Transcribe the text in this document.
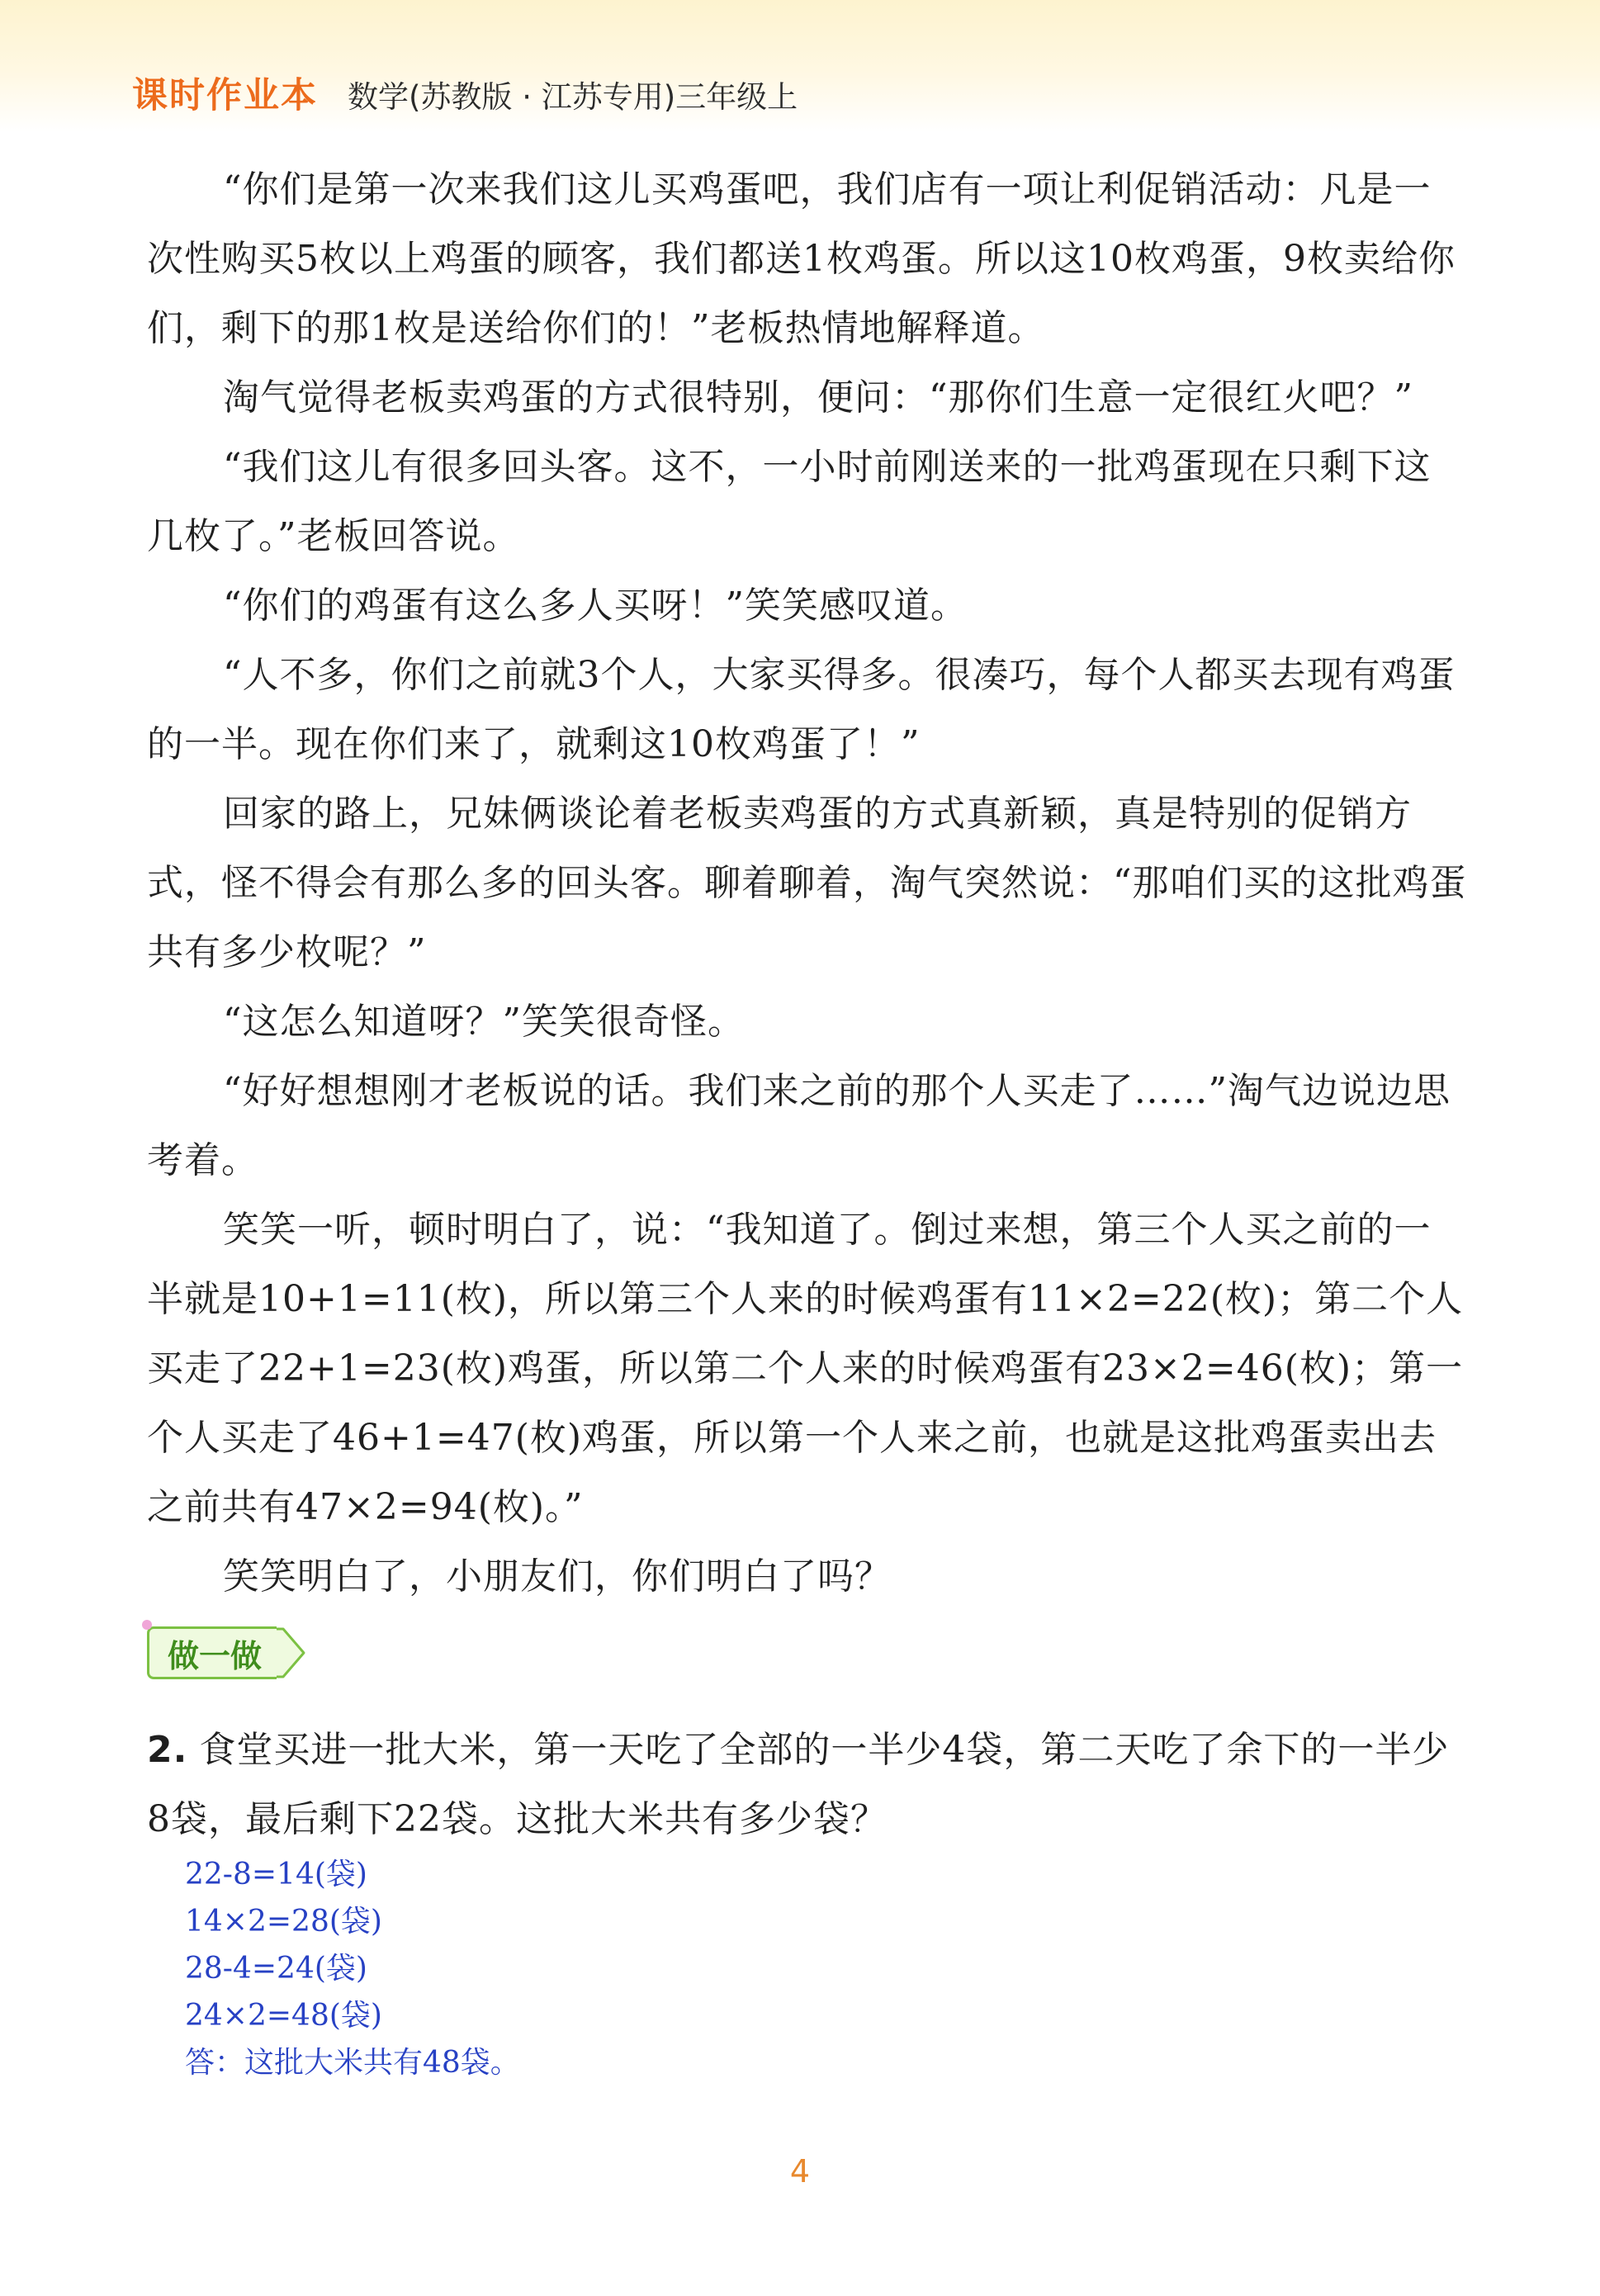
课时作业本 数学(苏教版 · 江苏专用)三年级上

“你们是第一次来我们这儿买鸡蛋吧，我们店有一项让利促销活动：凡是一次性购买5枚以上鸡蛋的顾客，我们都送1枚鸡蛋。所以这10枚鸡蛋，9枚卖给你们，剩下的那1枚是送给你们的！”老板热情地解释道。

淘气觉得老板卖鸡蛋的方式很特别，便问：“那你们生意一定很红火吧？”

“我们这儿有很多回头客。这不，一小时前刚送来的一批鸡蛋现在只剩下这几枚了。”老板回答说。

“你们的鸡蛋有这么多人买呀！”笑笑感叹道。

“人不多，你们之前就3个人，大家买得多。很凑巧，每个人都买去现有鸡蛋的一半。现在你们来了，就剩这10枚鸡蛋了！”

回家的路上，兄妹俩谈论着老板卖鸡蛋的方式真新颖，真是特别的促销方式，怪不得会有那么多的回头客。聊着聊着，淘气突然说：“那咱们买的这批鸡蛋共有多少枚呢？”

“这怎么知道呀？”笑笑很奇怪。

“好好想想刚才老板说的话。我们来之前的那个人买走了……”淘气边说边思考着。

笑笑一听，顿时明白了，说：“我知道了。倒过来想，第三个人买之前的一半就是10+1=11(枚)，所以第三个人来的时候鸡蛋有11×2=22(枚)；第二个人买走了22+1=23(枚)鸡蛋，所以第二个人来的时候鸡蛋有23×2=46(枚)；第一个人买走了46+1=47(枚)鸡蛋，所以第一个人来之前，也就是这批鸡蛋卖出去之前共有47×2=94(枚)。”

笑笑明白了，小朋友们，你们明白了吗？

做一做
2. 食堂买进一批大米，第一天吃了全部的一半少4袋，第二天吃了余下的一半少8袋，最后剩下22袋。这批大米共有多少袋？
22-8=14(袋)
14×2=28(袋)
28-4=24(袋)
24×2=48(袋)
答：这批大米共有48袋。
4
